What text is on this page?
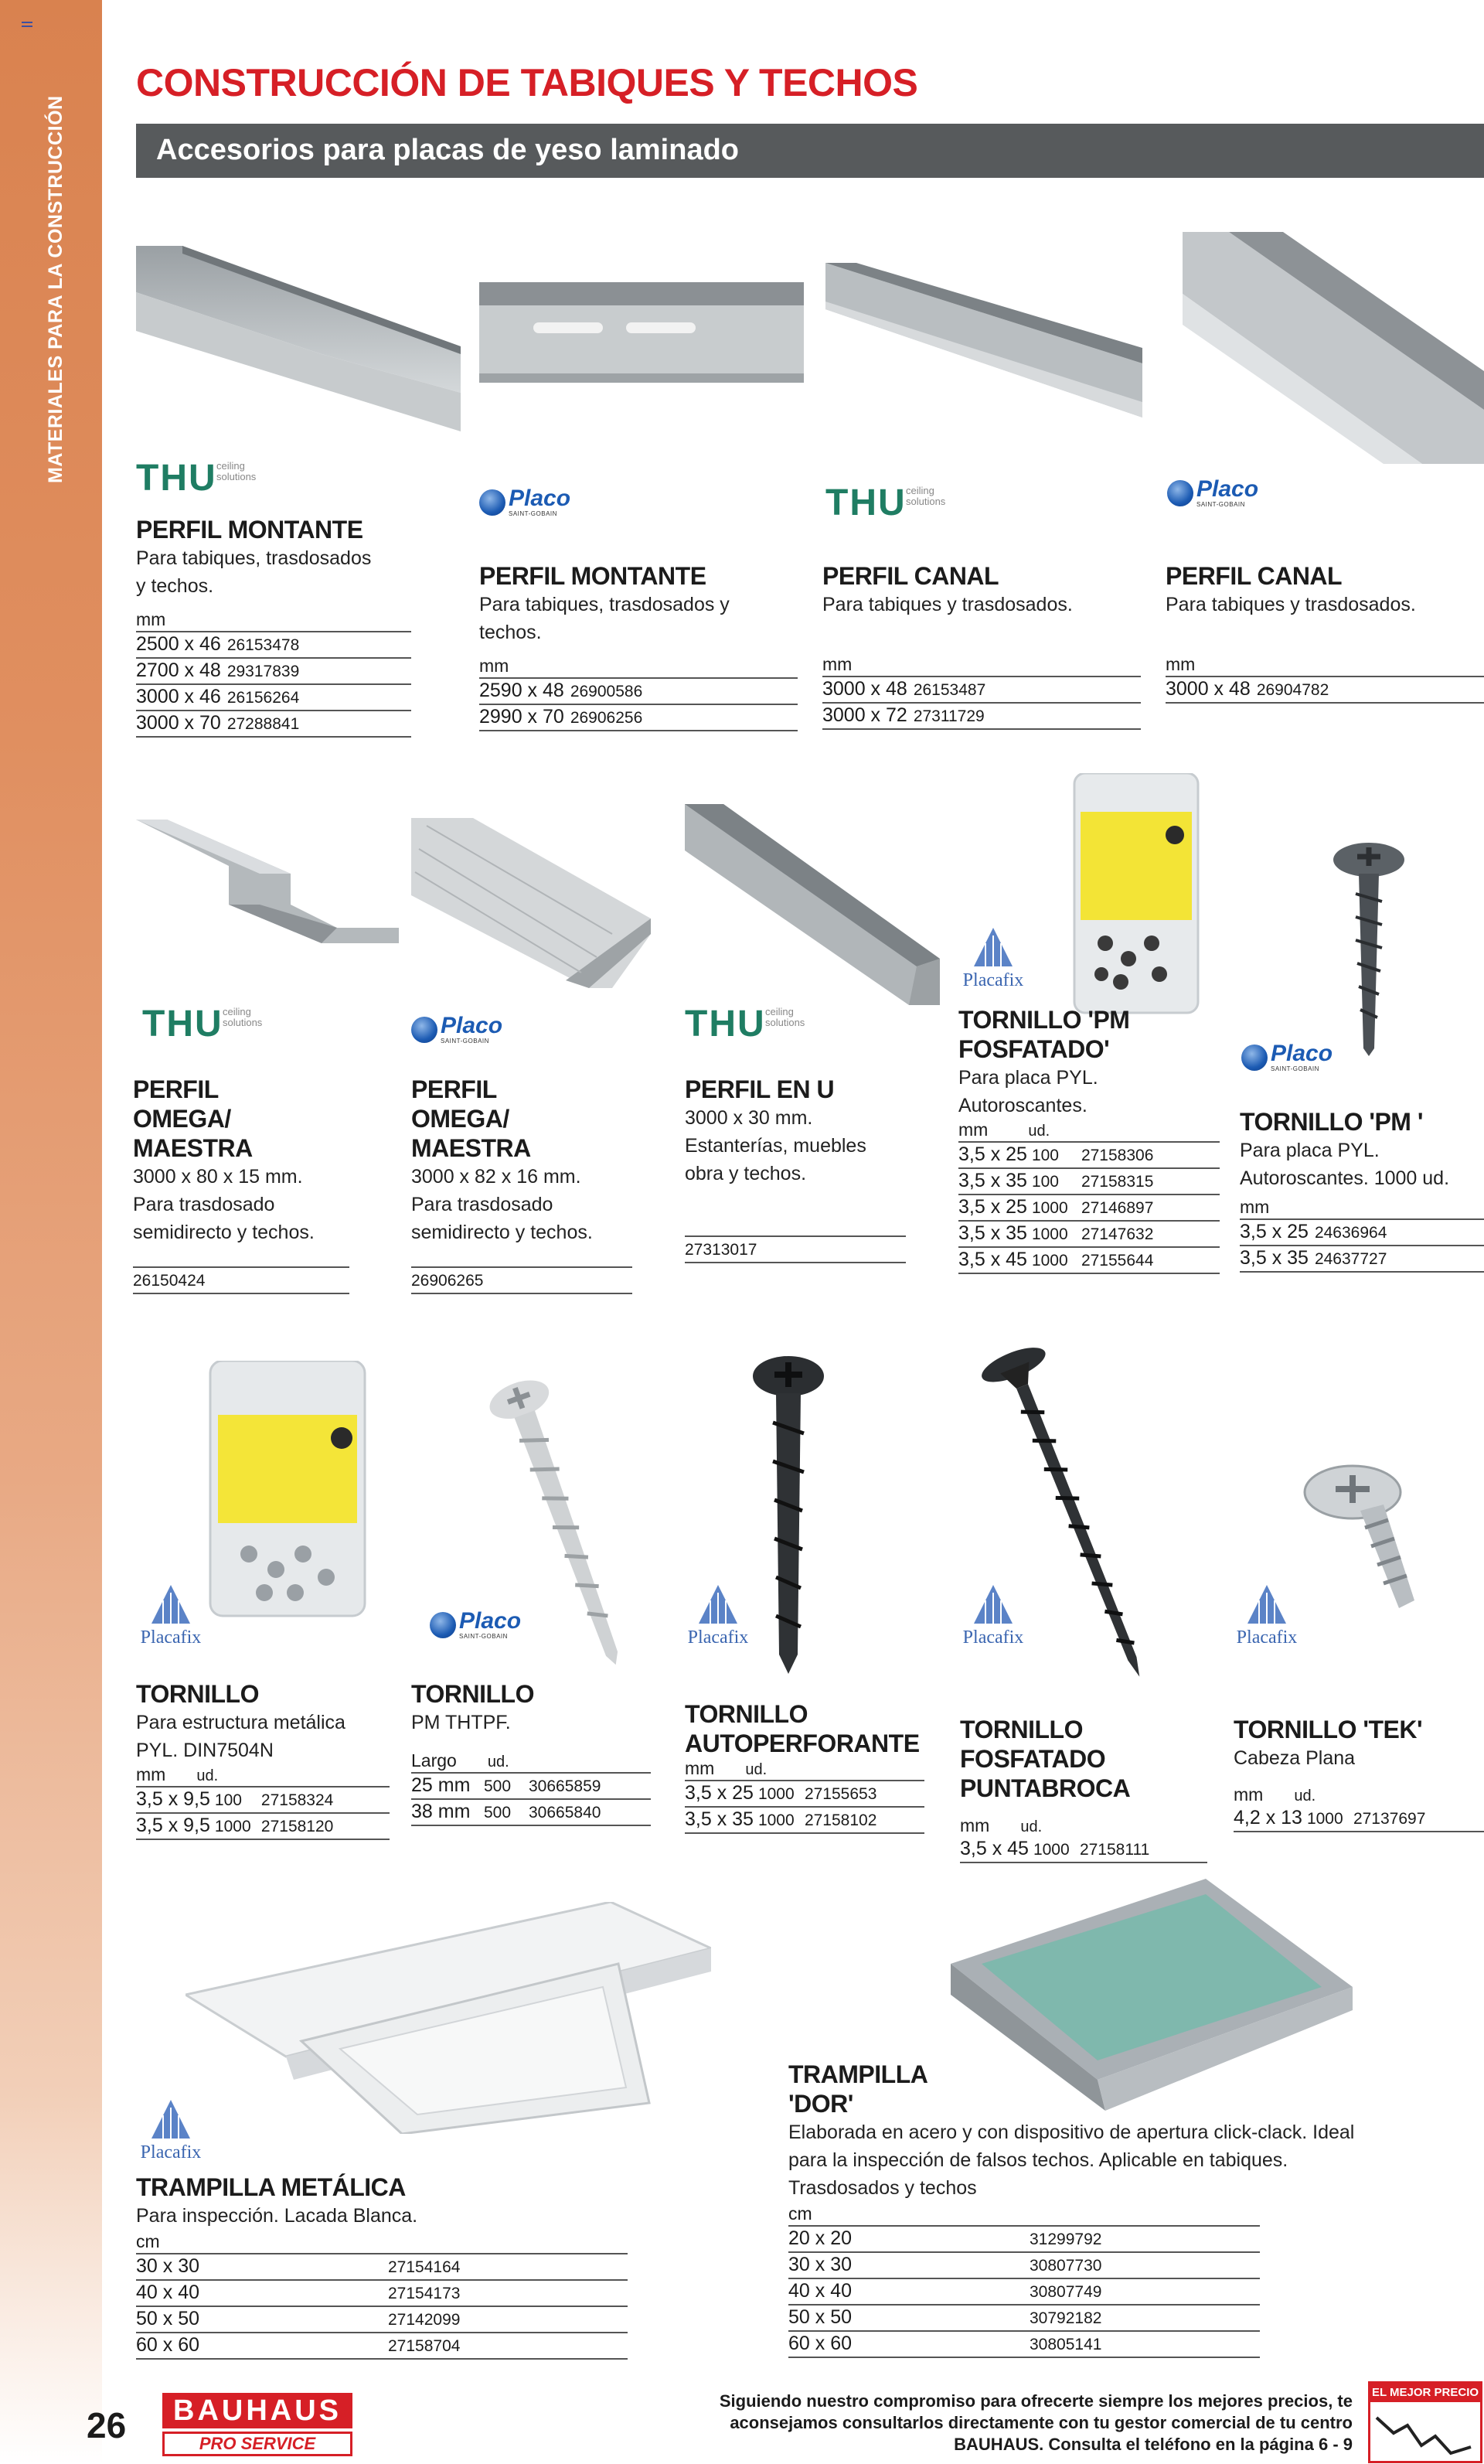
MATERIALES PARA LA CONSTRUCCIÓN
CONSTRUCCIÓN DE TABIQUES Y TECHOS
Accesorios para placas de yeso laminado
THU ceiling
solutions
Placo
SAINT-GOBAIN	THU ceiling
solutions	Placo
SAINT-GOBAIN
PERFIL MONTANTE
Para tabiques, trasdosados y techos.
mm
2500 x 46 26153478
2700 x 48 29317839
3000 x 46 26156264
3000 x 70 27288841
PERFIL MONTANTE
Para tabiques, trasdosados y techos.
mm
2590 x 48 26900586
2990 x 70 26906256
PERFIL CANAL
Para tabiques y trasdosados.
mm
3000 x 48 26153487
3000 x 72 27311729
PERFIL CANAL
Para tabiques y trasdosados.
mm
3000 x 48 26904782
THU ceiling
solutions	Placo
SAINT-GOBAIN	THU ceiling
solutions
Placafix
Placo
SAINT-GOBAIN
PERFIL OMEGA/ MAESTRA
3000 x 80 x 15 mm. Para trasdosado semidirecto y techos.
26150424
PERFIL OMEGA/ MAESTRA
3000 x 82 x 16 mm. Para trasdosado semidirecto y techos.
26906265
PERFIL EN U
3000 x 30 mm. Estanterías, muebles obra y techos.
27313017
TORNILLO 'PM FOSFATADO'
Para placa PYL. Autoroscantes.
mm	ud.
3,5 x 25 100 27158306
3,5 x 35 100 27158315
3,5 x 25 1000 27146897
3,5 x 35 1000 27147632
3,5 x 45 1000 27155644
TORNILLO 'PM '
Para placa PYL. Autoroscantes. 1000 ud.
mm
3,5 x 25 24636964
3,5 x 35 24637727
Placafix
Placo
SAINT-GOBAIN	Placafix	Placafix	Placafix
TORNILLO
Para estructura metálica PYL. DIN7504N
mm ud.
3,5 x 9,5 100 27158324
3,5 x 9,5 1000 27158120
TORNILLO
PM THTPF.
Largo ud.
25 mm 500 30665859
38 mm 500 30665840
TORNILLO AUTOPERFORANTE
mm ud.
3,5 x 25 1000 27155653
3,5 x 35 1000 27158102
TORNILLO FOSFATADO PUNTABROCA
mm ud.
3,5 x 45 1000 27158111
TORNILLO 'TEK'
Cabeza Plana
mm ud.
4,2 x 13 1000 27137697
Placafix
TRAMPILLA METÁLICA
Para inspección. Lacada Blanca.
cm
30 x 30	27154164
40 x 40	27154173
50 x 50	27142099
60 x 60	27158704
TRAMPILLA 'DOR'
Elaborada en acero y con dispositivo de apertura click-clack. Ideal para la inspección de falsos techos. Aplicable en tabiques. Trasdosados y techos
cm
20 x 20	31299792
30 x 30	30807730
40 x 40	30807749
50 x 50	30792182
60 x 60	30805141
26	BAUHAUS
PRO SERVICE
Siguiendo nuestro compromiso para ofrecerte siempre los mejores precios, te aconsejamos consultarlos directamente con tu gestor comercial de tu centro BAUHAUS. Consulta el teléfono en la página 6 - 9
EL MEJOR PRECIO
